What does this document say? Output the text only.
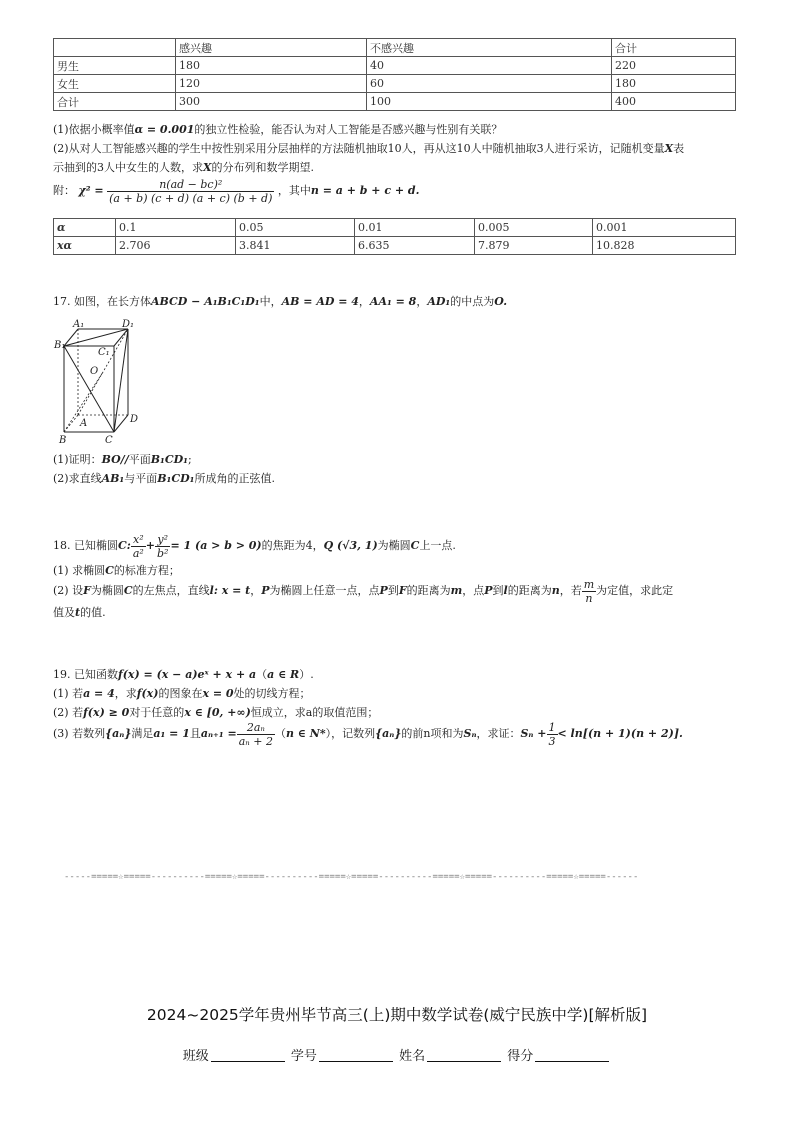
	感兴趣	不感兴趣	合计
男生	180	40	220
女生	120	60	180
合计	300	100	400
(1)依据小概率值α = 0.001的独立性检验，能否认为对人工智能是否感兴趣与性别有关联？
(2)从对人工智能感兴趣的学生中按性别采用分层抽样的方法随机抽取10人，再从这10人中随机抽取3人进行采访，记随机变量X表
示抽到的3人中女生的人数，求X的分布列和数学期望.
附： $\chi^2 = \frac{\text{n(ad − bc)²}}{(a + b) (c + d) (a + c) (b + d)}$ ，其中n = a + b + c + d.
α	0.1	0.05	0.01	0.005	0.001
xα	2.706	3.841	6.635	7.879	10.828
17. 如图，在长方体ABCD − A₁B₁C₁D₁中，AB = AD = 4，AA₁ = 8，AD₁的中点为O.
A₁	D₁
B₁
C₁
O
A	D
B	C
(1)证明：BO//平面B₁CD₁;
(2)求直线AB₁与平面B₁CD₁所成角的正弦值.
18. 已知椭圆C: $\frac{\text{x²}}{\text{a²}} + \frac{\text{y²}}{\text{b²}} = 1$ (a > b > 0)的焦距为4，Q (√3, 1)为椭圆C上一点.
(1) 求椭圆C的标准方程；
(2) 设F为椭圆C的左焦点，直线l: x = t，P为椭圆上任意一点，点P到F的距离为m，点P到l的距离为n，若 $\frac{m}{n}$ 为定值，求此定
值及t的值.
19. 已知函数f(x) = (x − a)eˣ + x + a（a ∈ R）.
(1) 若a = 4，求f(x)的图象在x = 0处的切线方程；
(2) 若f(x) ≥ 0对于任意的x ∈ [0, +∞)恒成立，求a的取值范围；
(3) 若数列{aₙ}满足a₁ = 1且$a_{n+1} = \frac{\text{2aₙ}}{\text{aₙ + 2}} (n$ ∈ N*），记数列{aₙ}的前n项和为Sₙ，求证：$S_n + \frac{1}{3} < \ln[(n + 1)(n + 2)]$.
-----=====☆=====----------=====☆=====----------=====☆=====----------=====☆=====----------=====☆=====------
2024~2025学年贵州毕节高三(上)期中数学试卷(威宁民族中学)[解析版]
班级	学号	姓名	得分
